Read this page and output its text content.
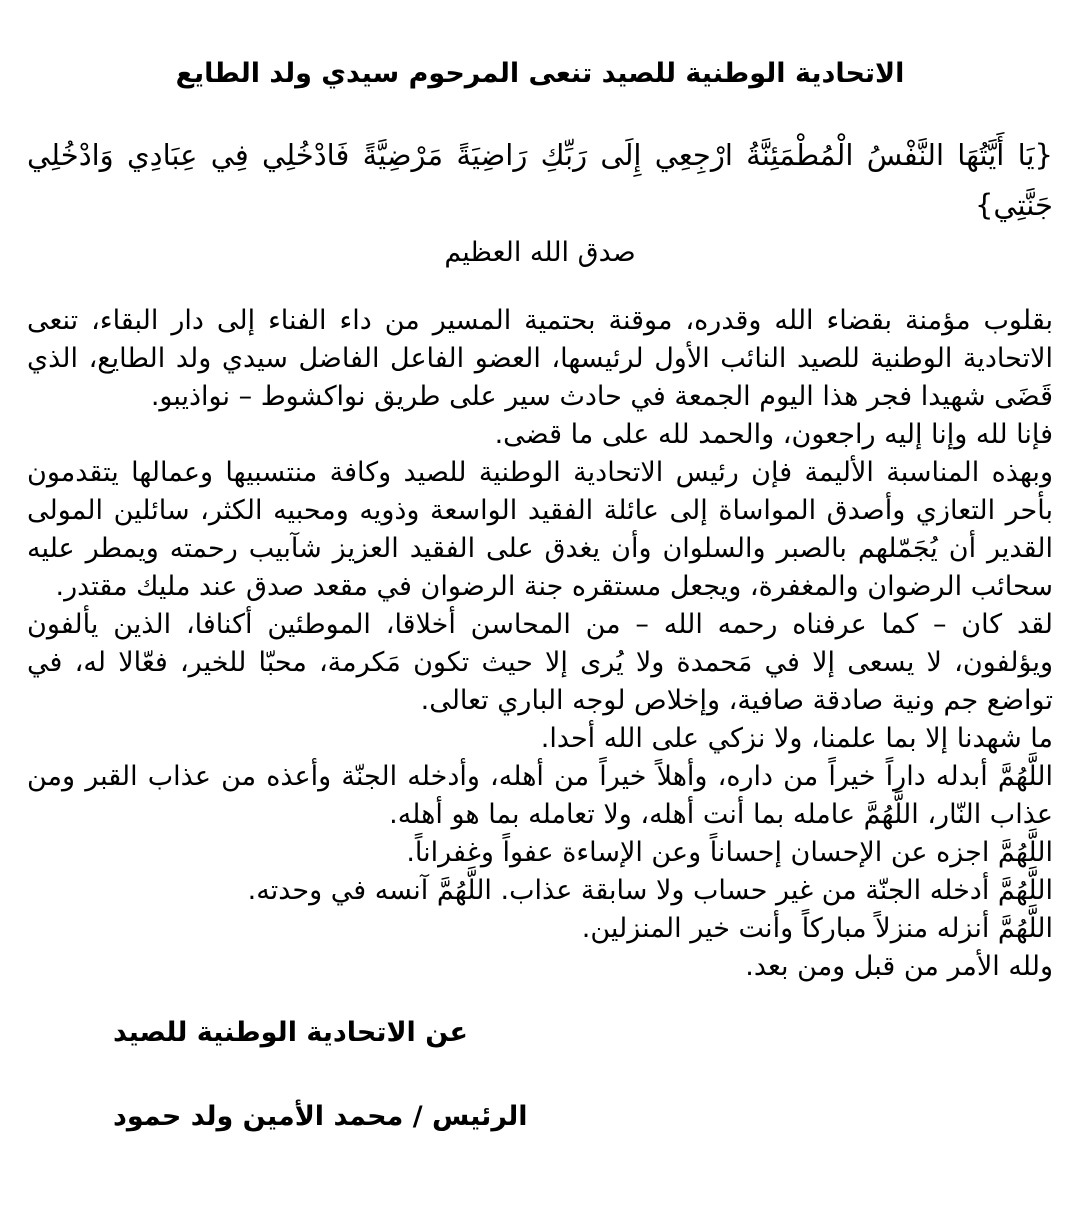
الاتحادية الوطنية للصيد تنعى المرحوم سيدي ولد الطايع

{يَا أَيَّتُهَا النَّفْسُ الْمُطْمَئِنَّةُ ارْجِعِي إِلَى رَبِّكِ رَاضِيَةً مَرْضِيَّةً فَادْخُلِي فِي عِبَادِي وَادْخُلِي جَنَّتِي}

صدق الله العظيم

بقلوب مؤمنة بقضاء الله وقدره، موقنة بحتمية المسير من داء الفناء إلى دار البقاء، تنعى الاتحادية الوطنية للصيد النائب الأول لرئيسها، العضو الفاعل الفاضل سيدي ولد الطايع، الذي قَضَى شهيدا فجر هذا اليوم الجمعة في حادث سير على طريق نواكشوط – نواذيبو.

فإنا لله وإنا إليه راجعون، والحمد لله على ما قضى.

وبهذه المناسبة الأليمة فإن رئيس الاتحادية الوطنية للصيد وكافة منتسبيها وعمالها يتقدمون بأحر التعازي وأصدق المواساة إلى عائلة الفقيد الواسعة وذويه ومحبيه الكثر، سائلين المولى القدير أن يُجَمّلهم بالصبر والسلوان وأن يغدق على الفقيد العزيز شآبيب رحمته ويمطر عليه سحائب الرضوان والمغفرة، ويجعل مستقره جنة الرضوان في مقعد صدق عند مليك مقتدر.

لقد كان – كما عرفناه رحمه الله – من المحاسن أخلاقا، الموطئين أكنافا، الذين يألفون ويؤلفون، لا يسعى إلا في مَحمدة ولا يُرى إلا حيث تكون مَكرمة، محبّا للخير، فعّالا له، في تواضع جم ونية صادقة صافية، وإخلاص لوجه الباري تعالى.

ما شهدنا إلا بما علمنا، ولا نزكي على الله أحدا.

اللَّهُمَّ أبدله داراً خيراً من داره، وأهلاً خيراً من أهله، وأدخله الجنّة وأعذه من عذاب القبر ومن عذاب النّار، اللَّهُمَّ عامله بما أنت أهله، ولا تعامله بما هو أهله.

اللَّهُمَّ اجزه عن الإحسان إحساناً وعن الإساءة عفواً وغفراناً.

اللَّهُمَّ أدخله الجنّة من غير حساب ولا سابقة عذاب. اللَّهُمَّ آنسه في وحدته.

اللَّهُمَّ أنزله منزلاً مباركاً وأنت خير المنزلين.

ولله الأمر من قبل ومن بعد.

عن الاتحادية الوطنية للصيد

الرئيس / محمد الأمين ولد حمود
